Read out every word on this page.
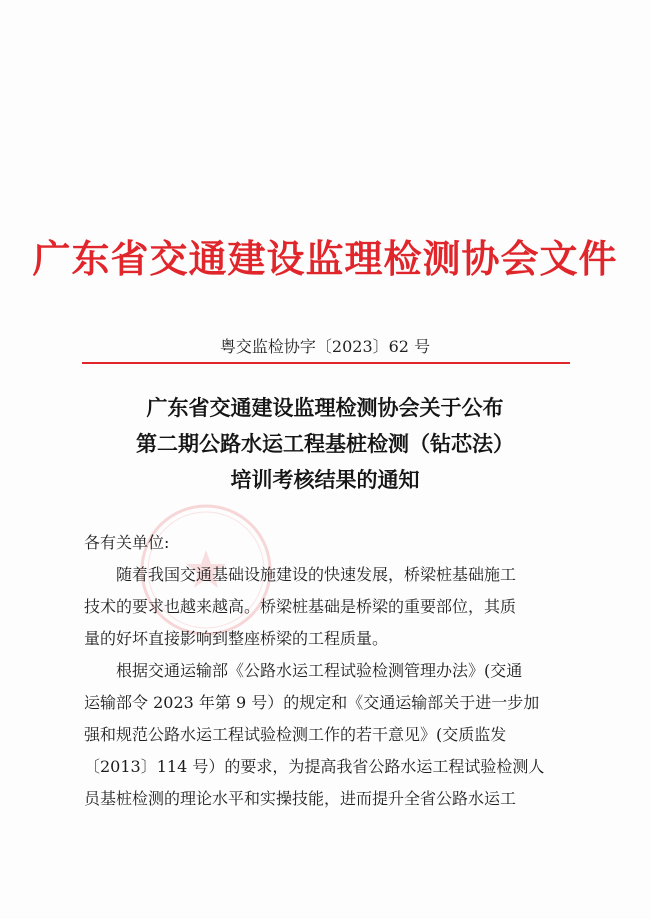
广东省交通建设监理检测协会文件
粤交监检协字〔2023〕62 号
广东省交通建设监理检测协会关于公布
第二期公路水运工程基桩检测（钻芯法）
培训考核结果的通知

各有关单位:

随着我国交通基础设施建设的快速发展，桥梁桩基础施工
技术的要求也越来越高。桥梁桩基础是桥梁的重要部位，其质
量的好坏直接影响到整座桥梁的工程质量。

根据交通运输部《公路水运工程试验检测管理办法》(交通
运输部令 2023 年第 9 号）的规定和《交通运输部关于进一步加
强和规范公路水运工程试验检测工作的若干意见》(交质监发
〔2013〕114 号）的要求，为提高我省公路水运工程试验检测人
员基桩检测的理论水平和实操技能，进而提升全省公路水运工
